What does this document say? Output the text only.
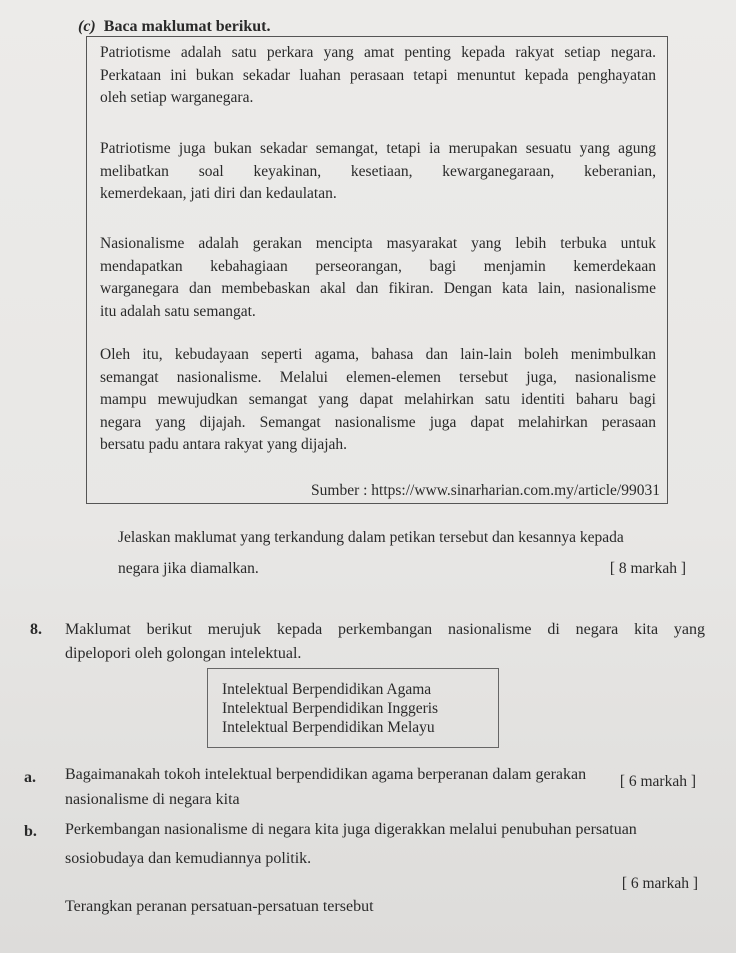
(c) Baca maklumat berikut.
Patriotisme adalah satu perkara yang amat penting kepada rakyat setiap negara.
Perkataan ini bukan sekadar luahan perasaan tetapi menuntut kepada penghayatan
oleh setiap warganegara.
Patriotisme juga bukan sekadar semangat, tetapi ia merupakan sesuatu yang agung
melibatkan soal keyakinan, kesetiaan, kewarganegaraan, keberanian,
kemerdekaan, jati diri dan kedaulatan.
Nasionalisme adalah gerakan mencipta masyarakat yang lebih terbuka untuk
mendapatkan kebahagiaan perseorangan, bagi menjamin kemerdekaan
warganegara dan membebaskan akal dan fikiran. Dengan kata lain, nasionalisme
itu adalah satu semangat.
Oleh itu, kebudayaan seperti agama, bahasa dan lain-lain boleh menimbulkan
semangat nasionalisme. Melalui elemen-elemen tersebut juga, nasionalisme
mampu mewujudkan semangat yang dapat melahirkan satu identiti baharu bagi
negara yang dijajah. Semangat nasionalisme juga dapat melahirkan perasaan
bersatu padu antara rakyat yang dijajah.
Sumber : https://www.sinarharian.com.my/article/99031
Jelaskan maklumat yang terkandung dalam petikan tersebut dan kesannya kepada
negara jika diamalkan.	[ 8 markah ]
8. Maklumat berikut merujuk kepada perkembangan nasionalisme di negara kita yang
dipelopori oleh golongan intelektual.
Intelektual Berpendidikan Agama
Intelektual Berpendidikan Inggeris
Intelektual Berpendidikan Melayu
a. Bagaimanakah tokoh intelektual berpendidikan agama berperanan dalam gerakan
nasionalisme di negara kita
[ 6 markah ]
b. Perkembangan nasionalisme di negara kita juga digerakkan melalui penubuhan persatuan
sosiobudaya dan kemudiannya politik.
[ 6 markah ]
Terangkan peranan persatuan-persatuan tersebut
